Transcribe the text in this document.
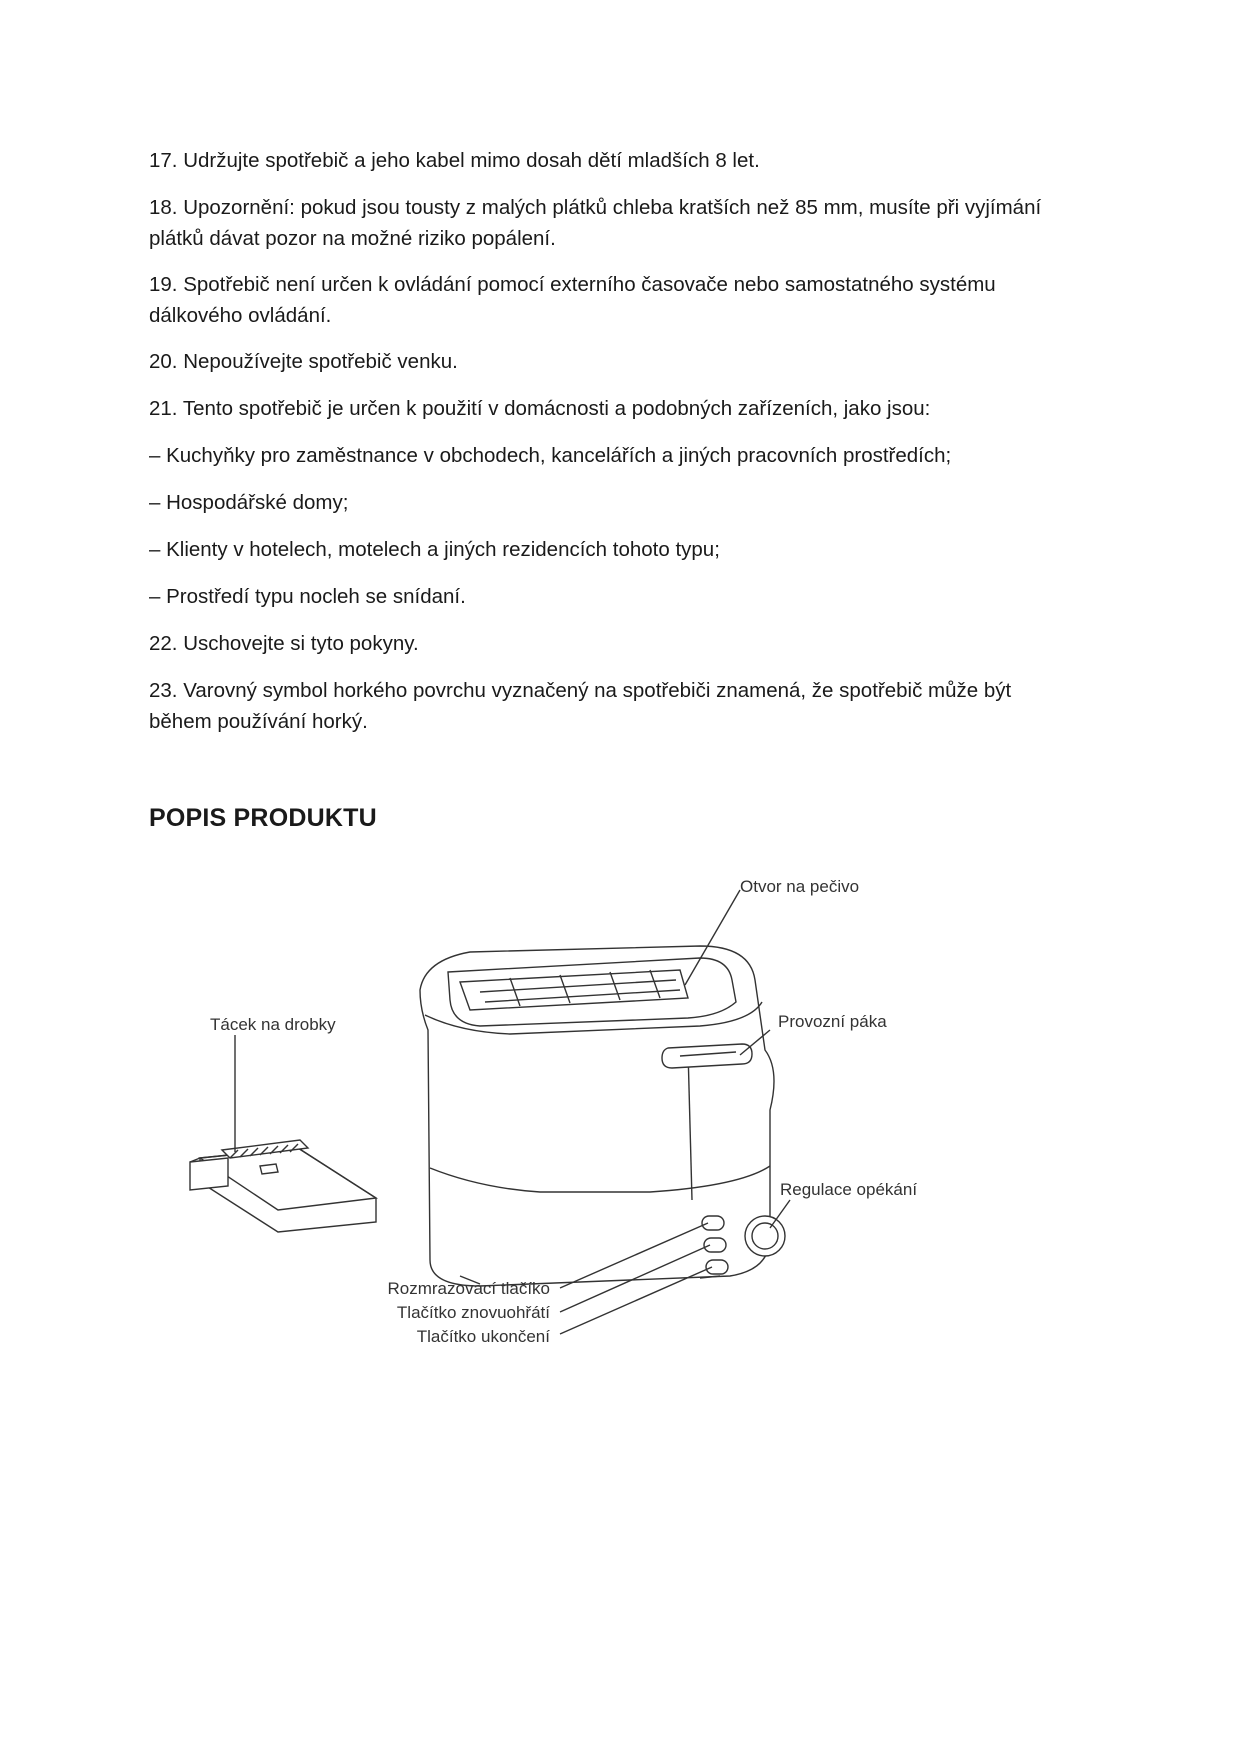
17. Udržujte spotřebič a jeho kabel mimo dosah dětí mladších 8 let.

18. Upozornění: pokud jsou tousty z malých plátků chleba kratších než 85 mm, musíte při vyjímání plátků dávat pozor na možné riziko popálení.

19. Spotřebič není určen k ovládání pomocí externího časovače nebo samostatného systému dálkového ovládání.

20. Nepoužívejte spotřebič venku.

21. Tento spotřebič je určen k použití v domácnosti a podobných zařízeních, jako jsou:

– Kuchyňky pro zaměstnance v obchodech, kancelářích a jiných pracovních prostředích;

– Hospodářské domy;

– Klienty v hotelech, motelech a jiných rezidencích tohoto typu;

– Prostředí typu nocleh se snídaní.

22. Uschovejte si tyto pokyny.

23. Varovný symbol horkého povrchu vyznačený na spotřebiči znamená, že spotřebič může být během používání horký.

POPIS PRODUKTU
Otvor na pečivo
Tácek na drobky	Provozní páka
Regulace opékání
Rozmrazovací tlačíko
Tlačítko znovuohřátí
Tlačítko ukončení
